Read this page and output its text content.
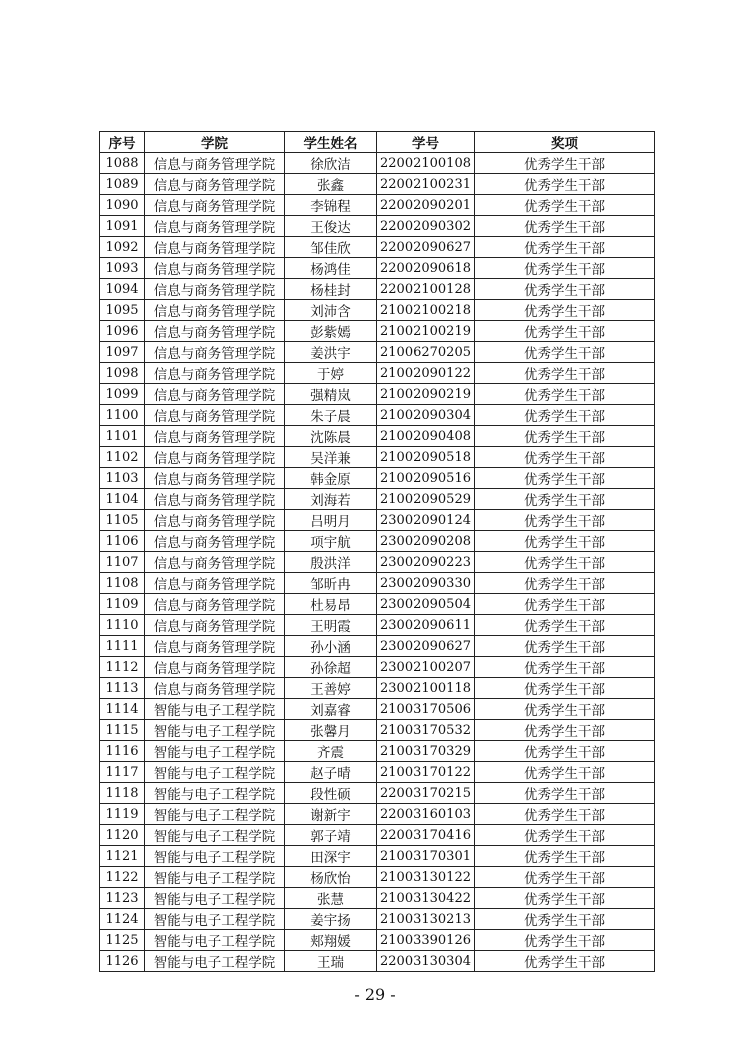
序号	学院	学生姓名	学号	奖项
1088	信息与商务管理学院	徐欣洁	22002100108	优秀学生干部
1089	信息与商务管理学院	张鑫	22002100231	优秀学生干部
1090	信息与商务管理学院	李锦程	22002090201	优秀学生干部
1091	信息与商务管理学院	王俊达	22002090302	优秀学生干部
1092	信息与商务管理学院	邹佳欣	22002090627	优秀学生干部
1093	信息与商务管理学院	杨鸿佳	22002090618	优秀学生干部
1094	信息与商务管理学院	杨桂封	22002100128	优秀学生干部
1095	信息与商务管理学院	刘沛含	21002100218	优秀学生干部
1096	信息与商务管理学院	彭紫嫣	21002100219	优秀学生干部
1097	信息与商务管理学院	姜洪宇	21006270205	优秀学生干部
1098	信息与商务管理学院	于婷	21002090122	优秀学生干部
1099	信息与商务管理学院	强精岚	21002090219	优秀学生干部
1100	信息与商务管理学院	朱子晨	21002090304	优秀学生干部
1101	信息与商务管理学院	沈陈晨	21002090408	优秀学生干部
1102	信息与商务管理学院	吴洋兼	21002090518	优秀学生干部
1103	信息与商务管理学院	韩金原	21002090516	优秀学生干部
1104	信息与商务管理学院	刘海若	21002090529	优秀学生干部
1105	信息与商务管理学院	吕明月	23002090124	优秀学生干部
1106	信息与商务管理学院	项宇航	23002090208	优秀学生干部
1107	信息与商务管理学院	殷洪洋	23002090223	优秀学生干部
1108	信息与商务管理学院	邹昕冉	23002090330	优秀学生干部
1109	信息与商务管理学院	杜易昂	23002090504	优秀学生干部
1110	信息与商务管理学院	王明霞	23002090611	优秀学生干部
1111	信息与商务管理学院	孙小涵	23002090627	优秀学生干部
1112	信息与商务管理学院	孙徐超	23002100207	优秀学生干部
1113	信息与商务管理学院	王善婷	23002100118	优秀学生干部
1114	智能与电子工程学院	刘嘉睿	21003170506	优秀学生干部
1115	智能与电子工程学院	张馨月	21003170532	优秀学生干部
1116	智能与电子工程学院	齐震	21003170329	优秀学生干部
1117	智能与电子工程学院	赵子晴	21003170122	优秀学生干部
1118	智能与电子工程学院	段性硕	22003170215	优秀学生干部
1119	智能与电子工程学院	谢新宇	22003160103	优秀学生干部
1120	智能与电子工程学院	郭子靖	22003170416	优秀学生干部
1121	智能与电子工程学院	田深宇	21003170301	优秀学生干部
1122	智能与电子工程学院	杨欣怡	21003130122	优秀学生干部
1123	智能与电子工程学院	张慧	21003130422	优秀学生干部
1124	智能与电子工程学院	姜宇扬	21003130213	优秀学生干部
1125	智能与电子工程学院	郏翔媛	21003390126	优秀学生干部
1126	智能与电子工程学院	王瑞	22003130304	优秀学生干部
- 29 -
